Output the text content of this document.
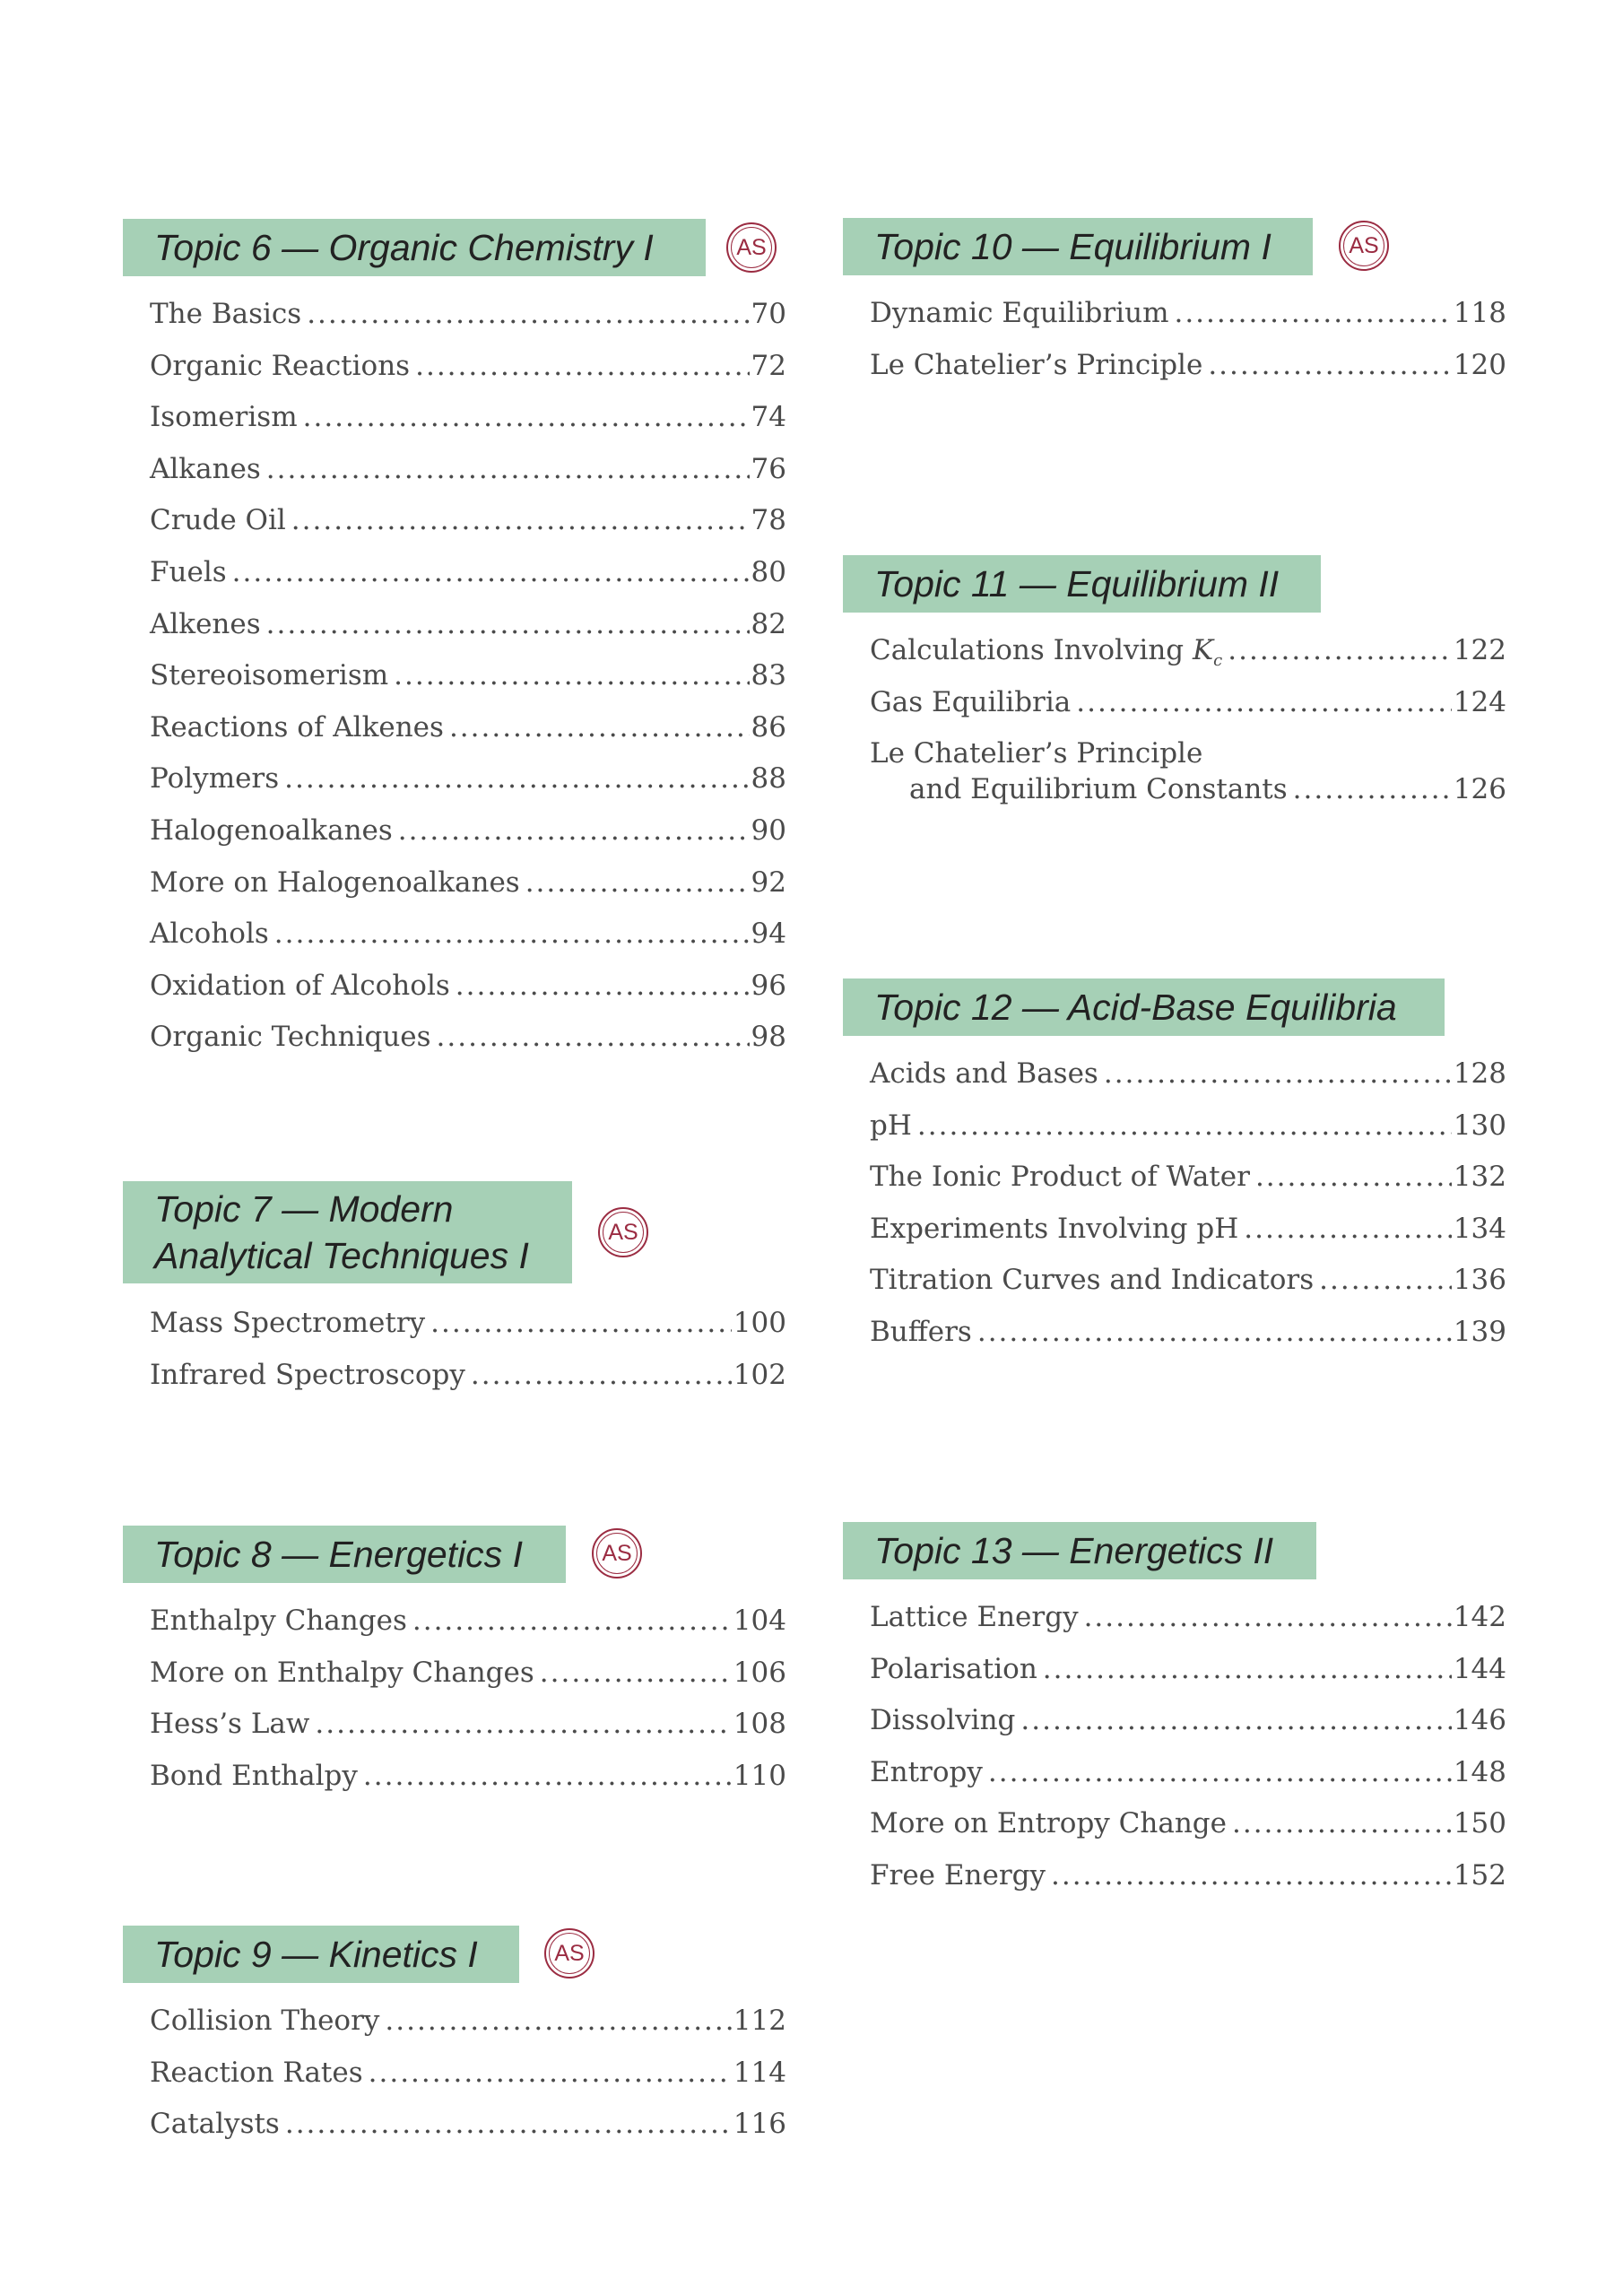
Topic 6 — Organic Chemistry I	AS
The Basics .....	70
Organic Reactions .....	72
Isomerism .....	74
Alkanes .....	76
Crude Oil .....	78
Fuels .....	80
Alkenes .....	82
Stereoisomerism .....	83
Reactions of Alkenes .....	86
Polymers .....	88
Halogenoalkanes .....	90
More on Halogenoalkanes .....	92
Alcohols .....	94
Oxidation of Alcohols .....	96
Organic Techniques .....	98
Topic 7 — Modern
Analytical Techniques I
AS
Mass Spectrometry .....	100
Infrared Spectroscopy .....	102
Topic 8 — Energetics I	AS
Enthalpy Changes .....	104
More on Enthalpy Changes .....	106
Hess’s Law .....	108
Bond Enthalpy .....	110
Topic 9 — Kinetics I	AS
Collision Theory .....	112
Reaction Rates .....	114
Catalysts .....	116
Topic 10 — Equilibrium I	AS
Dynamic Equilibrium .....	118
Le Chatelier’s Principle .....	120
Topic 11 — Equilibrium II
Calculations Involving $K_c$ .....	122
Gas Equilibria .....	124
Le Chatelier’s Principle
and Equilibrium Constants .....	126
Topic 12 — Acid-Base Equilibria
Acids and Bases .....	128
pH .....	130
The Ionic Product of Water .....	132
Experiments Involving pH .....	134
Titration Curves and Indicators .....	136
Buffers .....	139
Topic 13 — Energetics II
Lattice Energy .....	142
Polarisation .....	144
Dissolving .....	146
Entropy .....	148
More on Entropy Change .....	150
Free Energy .....	152
